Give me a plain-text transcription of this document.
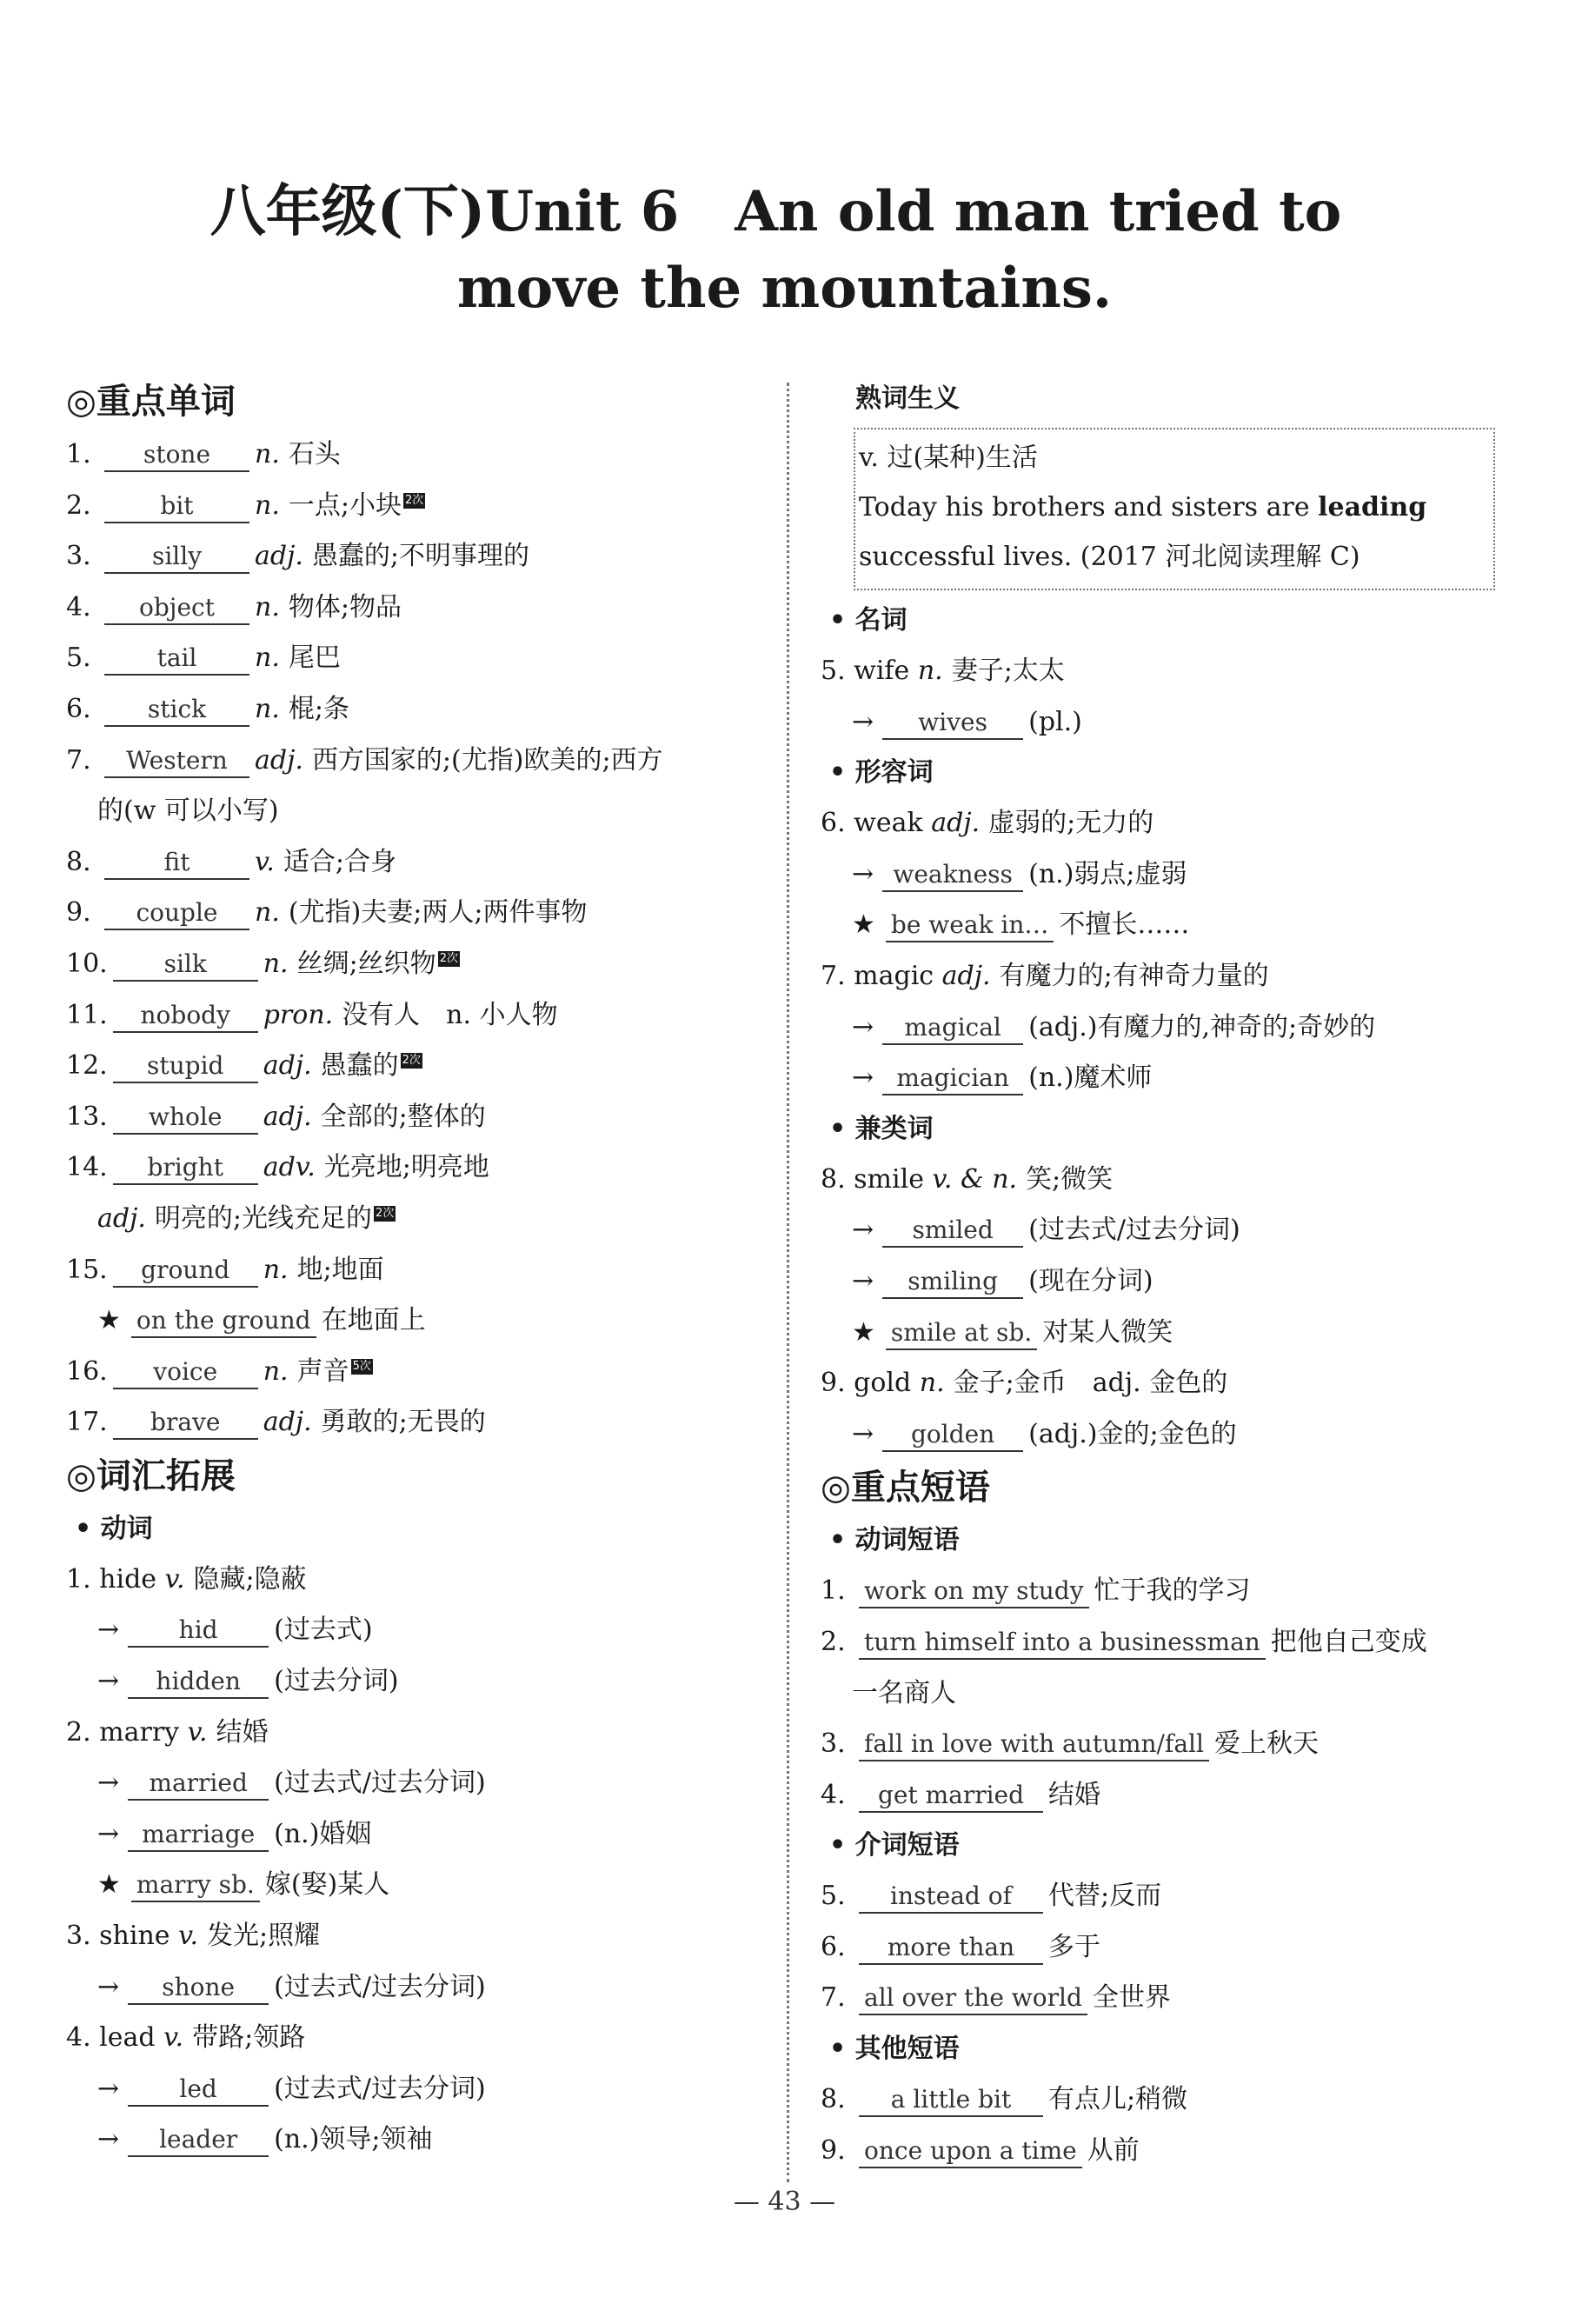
八年级(下)Unit 6　An old man tried to
move the mountains.
◎重点单词
1. stone n. 石头
2.	bit n. 一点;小块 2次
3.	silly adj. 愚蠢的;不明事理的
4. object n. 物体;物品
5.	tail n. 尾巴
6. stick n. 棍;条
7. Western adj. 西方国家的;(尤指)欧美的;西方
的(w 可以小写)
8.	fit v. 适合;合身
9. couple n. (尤指)夫妻;两人;两件事物
10. silk n. 丝绸;丝织物 2次
11. nobody pron. 没有人　n. 小人物
12. stupid adj. 愚蠢的 2次
13. whole adj. 全部的;整体的
14. bright adv. 光亮地;明亮地
adj. 明亮的;光线充足的 2次
15. ground n. 地;地面
★ on the ground 在地面上
16. voice n. 声音 5次
17. brave adj. 勇敢的;无畏的
◎词汇拓展
• 动词
1. hide v. 隐藏;隐蔽
→ hid (过去式)
→ hidden (过去分词)
2. marry v. 结婚
→ married (过去式/过去分词)
→ marriage (n.)婚姻
★ marry sb. 嫁(娶)某人
3. shine v. 发光;照耀
→ shone (过去式/过去分词)
4. lead v. 带路;领路
→ led (过去式/过去分词)
→ leader (n.)领导;领袖
熟词生义
v. 过(某种)生活
Today his brothers and sisters are leading successful lives. (2017 河北阅读理解 C)
• 名词
5. wife n. 妻子;太太
→ wives (pl.)
• 形容词
6. weak adj. 虚弱的;无力的
→ weakness (n.)弱点;虚弱
★ be weak in… 不擅长……
7. magic adj. 有魔力的;有神奇力量的
→ magical (adj.)有魔力的,神奇的;奇妙的
→ magician (n.)魔术师
• 兼类词
8. smile v. & n. 笑;微笑
→ smiled (过去式/过去分词)
→ smiling (现在分词)
★ smile at sb. 对某人微笑
9. gold n. 金子;金币　adj. 金色的
→ golden (adj.)金的;金色的
◎重点短语
• 动词短语
1. work on my study 忙于我的学习
2. turn himself into a businessman 把他自己变成
一名商人
3. fall in love with autumn/fall 爱上秋天
4. get married 结婚
• 介词短语
5. instead of 代替;反而
6. more than 多于
7. all over the world 全世界
• 其他短语
8. a little bit 有点儿;稍微
9. once upon a time 从前
— 43 —
